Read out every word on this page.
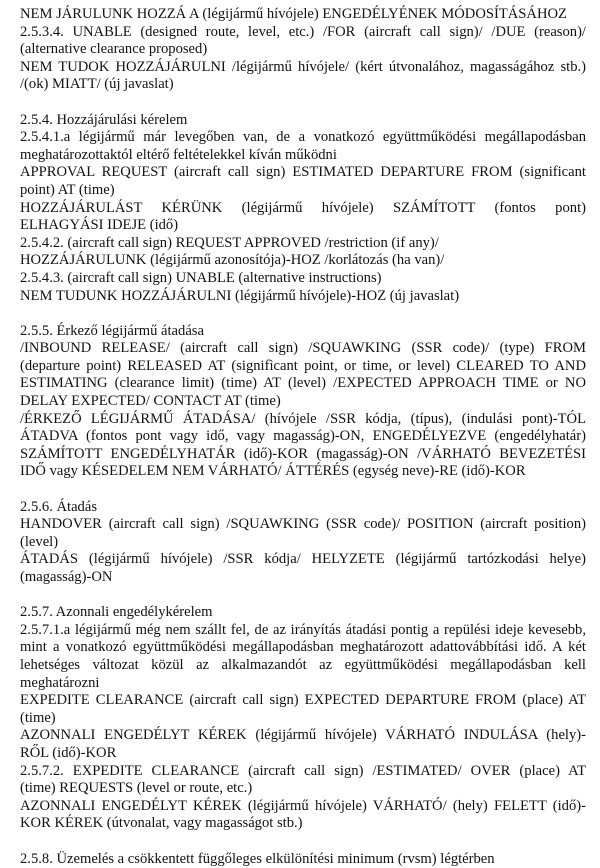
NEM JÁRULUNK HOZZÁ A (légijármű hívójele) ENGEDÉLYÉNEK MÓDOSÍTÁSÁHOZ
2.5.3.4. UNABLE (designed route, level, etc.) /FOR (aircraft call sign)/ /DUE (reason)/
(alternative clearance proposed)
NEM TUDOK HOZZÁJÁRULNI /légijármű hívójele/ (kért útvonalához, magasságához stb.)
/(ok) MIATT/ (új javaslat)
2.5.4. Hozzájárulási kérelem
2.5.4.1.a légijármű már levegőben van, de a vonatkozó együttműködési megállapodásban
meghatározottaktól eltérő feltételekkel kíván működni
APPROVAL REQUEST (aircraft call sign) ESTIMATED DEPARTURE FROM (significant
point) AT (time)
HOZZÁJÁRULÁST KÉRÜNK (légijármű hívójele) SZÁMÍTOTT (fontos pont)
ELHAGYÁSI IDEJE (idő)
2.5.4.2. (aircraft call sign) REQUEST APPROVED /restriction (if any)/
HOZZÁJÁRULUNK (légijármű azonosítója)-HOZ /korlátozás (ha van)/
2.5.4.3. (aircraft call sign) UNABLE (alternative instructions)
NEM TUDUNK HOZZÁJÁRULNI (légijármű hívójele)-HOZ (új javaslat)
2.5.5. Érkező légijármű átadása
/INBOUND RELEASE/ (aircraft call sign) /SQUAWKING (SSR code)/ (type) FROM
(departure point) RELEASED AT (signifìcant point, or time, or level) CLEARED TO AND
ESTIMATING (clearance limit) (time) AT (level) /EXPECTED APPROACH TIME or NO
DELAY EXPECTED/ CONTACT AT (time)
/ÉRKEZŐ LÉGIJÁRMŰ ÁTADÁSA/ (hívójele /SSR kódja, (típus), (indulási pont)-TÓL
ÁTADVA (fontos pont vagy idő, vagy magasság)-ON, ENGEDÉLYEZVE (engedélyhatár)
SZÁMÍTOTT ENGEDÉLYHATÁR (idő)-KOR (magasság)-ON /VÁRHATÓ BEVEZETÉSI
IDŐ vagy KÉSEDELEM NEM VÁRHATÓ/ ÁTTÉRÉS (egység neve)-RE (idő)-KOR
2.5.6. Átadás
HANDOVER (aircraft call sign) /SQUAWKING (SSR code)/ POSITION (aircraft position)
(level)
ÁTADÁS (légijármű hívójele) /SSR kódja/ HELYZETE (légijármű tartózkodási helye)
(magasság)-ON
2.5.7. Azonnali engedélykérelem
2.5.7.1.a légijármű még nem szállt fel, de az irányítás átadási pontig a repülési ideje kevesebb,
mint a vonatkozó együttműködési megállapodásban meghatározott adattovábbítási idő. A két
lehetséges változat közül az alkalmazandót az együttműködési megállapodásban kell
meghatározni
EXPEDITE CLEARANCE (aircraft call sign) EXPECTED DEPARTURE FROM (place) AT
(time)
AZONNALI ENGEDÉLYT KÉREK (légijármű hívójele) VÁRHATÓ INDULÁSA (hely)-
RŐL (idő)-KOR
2.5.7.2. EXPEDITE CLEARANCE (aircraft call sign) /ESTIMATED/ OVER (place) AT
(time) REQUESTS (level or route, etc.)
AZONNALI ENGEDÉLYT KÉREK (légijármű hívójele) VÁRHATÓ/ (hely) FELETT (idő)-
KOR KÉREK (útvonalat, vagy magasságot stb.)
2.5.8. Üzemelés a csökkentett függőleges elkülönítési minimum (rvsm) légtérben
